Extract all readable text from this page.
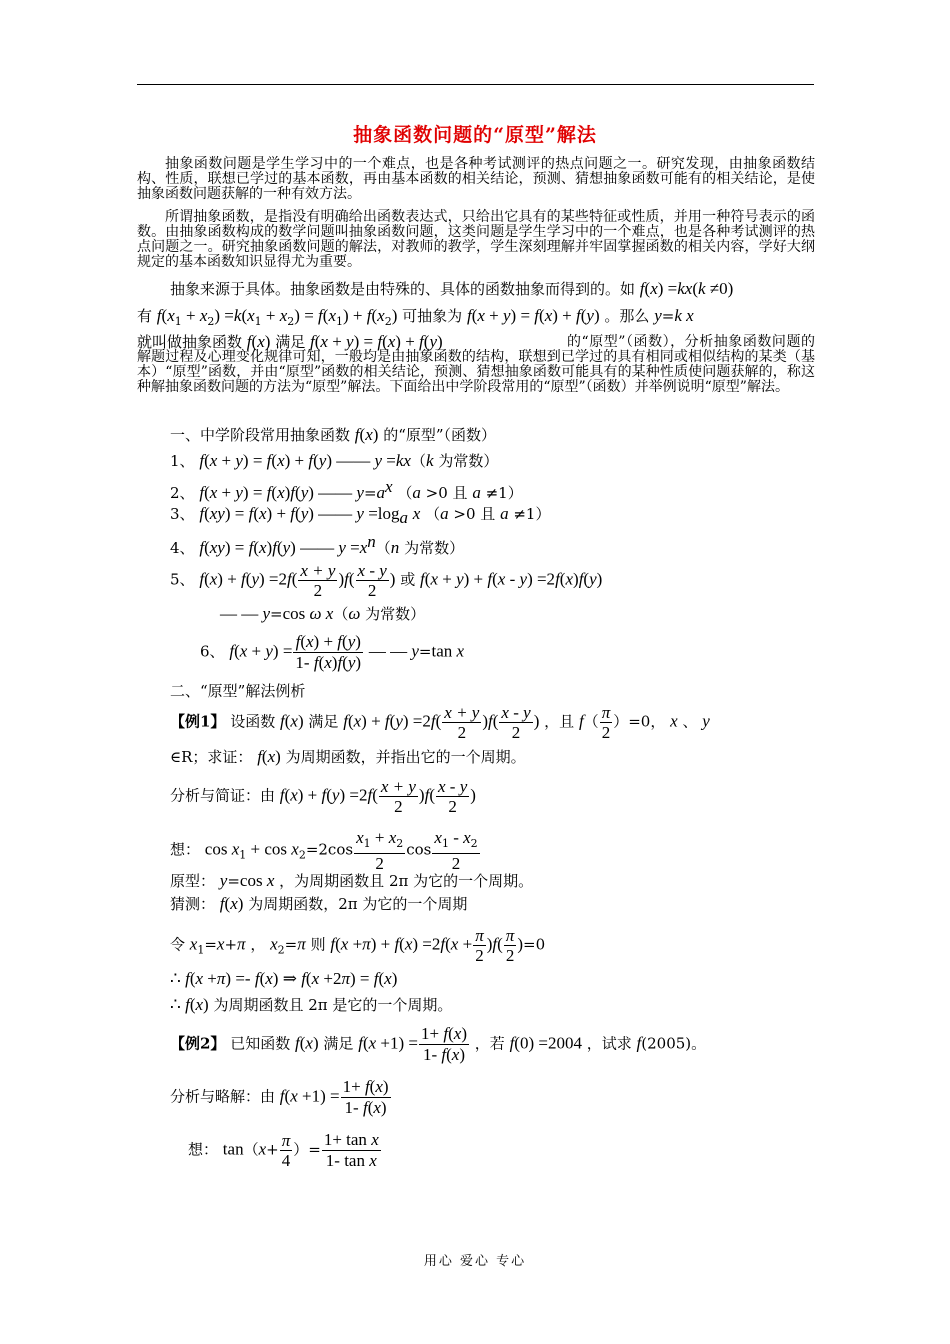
抽象函数问题的“原型”解法
抽象函数问题是学生学习中的一个难点，也是各种考试测评的热点问题之一。研究发现，由抽象函数结构、性质，联想已学过的基本函数，再由基本函数的相关结论，预测、猜想抽象函数可能有的相关结论，是使抽象函数问题获解的一种有效方法。
所谓抽象函数，是指没有明确给出函数表达式，只给出它具有的某些特征或性质，并用一种符号表示的函数。由抽象函数构成的数学问题叫抽象函数问题，这类问题是学生学习中的一个难点，也是各种考试测评的热点问题之一。研究抽象函数问题的解法，对教师的教学，学生深刻理解并牢固掌握函数的相关内容，学好大纲规定的基本函数知识显得尤为重要。
抽象来源于具体。抽象函数是由特殊的、具体的函数抽象而得到的。如 f(x) =kx(k ≠0)
有 $f(x_1 + x_2) =k(x_1 + x_2) = f(x_1) + f(x_2)$ 可抽象为 f(x + y) = f(x) + f(y) 。那么 y=k x
就叫做抽象函数 f(x) 满足 f(x + y) = f(x) + f(y)	的“原型”（函数），分析抽象函数问题的解题过程及心理变化规律可知，一般均是由抽象函数的结构，联想到已学过的具有相同或相似结构的某类（基本）“原型”函数，并由“原型”函数的相关结论，预测、猜想抽象函数可能具有的某种性质使问题获解的，称这种解抽象函数问题的方法为“原型”解法。下面给出中学阶段常用的“原型”（函数）并举例说明“原型”解法。
一、中学阶段常用抽象函数 f(x) 的“原型”（函数）
1、 f(x + y) = f(x) + f(y) —— y =kx（k 为常数）
2、 f(x + y) = f(x)f(y) —— $y=a^x$ （a >0 且 a ≠1）
3、 f(xy) = f(x) + f(y) —— $y =\log_a$ x （a >0 且 a ≠1）
4、 f(xy) = f(x)f(y) —— $y =x^n(n$ 为常数）
5、 $f(x) + f(y) =2f( \frac{x + y}{2} )f( \frac{x - y}{2}$ ) 或 f(x + y) + f(x - y) =2f(x)f(y)
— — y=cos ω x（ω 为常数）
6、 $f(x + y) = \frac{f(x) + f(y)}{1- f(x)f(y)}$ — — y=tan x
二、“原型”解法例析
【例1】 设函数 f(x) 满足 $f(x) + f(y) =2f( \frac{x + y}{2} )f( \frac{x - y}{2}$ ) ，且 $f( \frac{\pi}{2} )=0$， x 、 y
∈R；求证： f(x) 为周期函数，并指出它的一个周期。
分析与简证：由 $f(x) + f(y) =2f( \frac{x + y}{2} )f( \frac{x - y}{2}$ )
想： $\cos x_1 + \cos x_2=2\cos \frac{x_1 + x_2}{2}$ $\cos \frac{x_1 - x_2}{2}$
原型： y=cos x ，为周期函数且 2π 为它的一个周期。
猜测： f(x) 为周期函数，2π 为它的一个周期
令 $x_1=x+\pi$ ， $x_2=\pi$ 则 $f(x +\pi) + f(x) =2f(x + \frac{\pi}{2} )f( \frac{\pi}{2} )=0$
∴ f(x +π) =- f(x) ⇒ f(x +2π) = f(x)
∴ f(x) 为周期函数且 2π 是它的一个周期。
【例2】 已知函数 f(x) 满足 $f(x +1) = \frac{1+ f(x)}{1- f(x)}$ ，若 f(0) =2004 ，试求 f(2005)。
分析与略解：由 $f(x +1) = \frac{1+ f(x)}{1- f(x)}$
想： $\tan(x+ \frac{\pi}{4}$ ）= $\frac{\text{1+ tan x}}{\text{1- tan x}}$
用心 爱心 专心
